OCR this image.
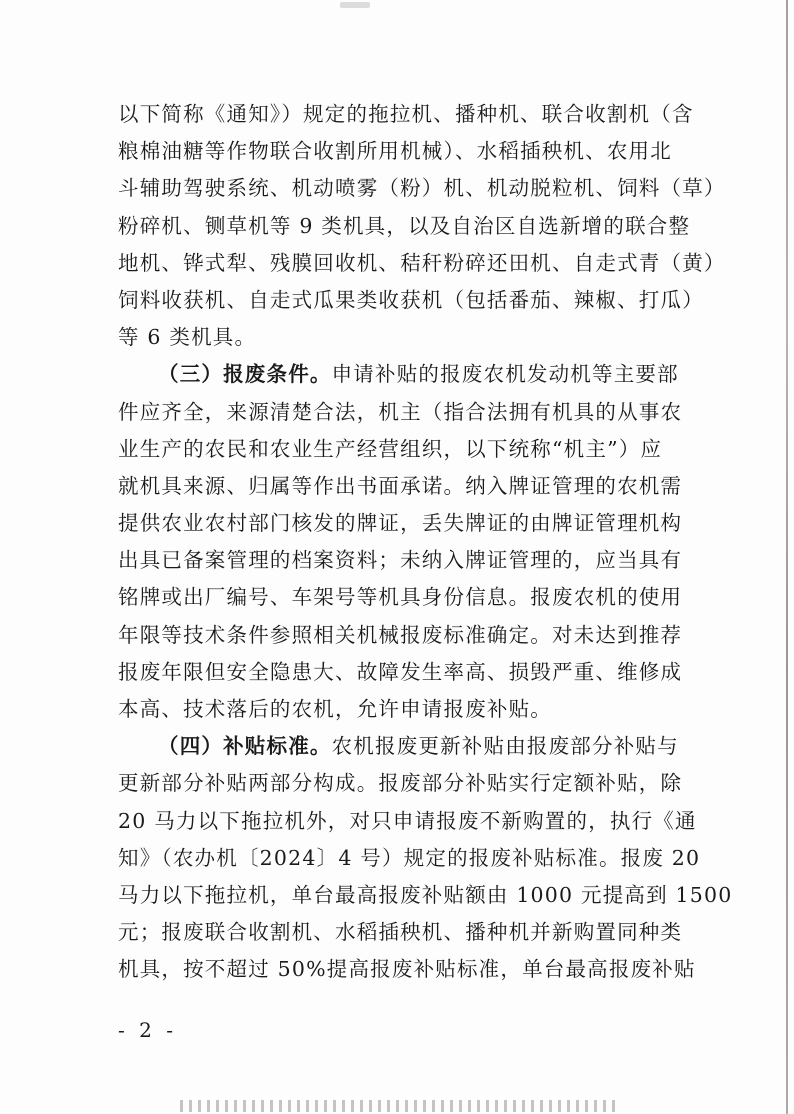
以下简称《通知》）规定的拖拉机、播种机、联合收割机（含
粮棉油糖等作物联合收割所用机械）、水稻插秧机、农用北
斗辅助驾驶系统、机动喷雾（粉）机、机动脱粒机、饲料（草）
粉碎机、铡草机等 9 类机具，以及自治区自选新增的联合整
地机、铧式犁、残膜回收机、秸秆粉碎还田机、自走式青（黄）
饲料收获机、自走式瓜果类收获机（包括番茄、辣椒、打瓜）
等 6 类机具。
（三）报废条件。申请补贴的报废农机发动机等主要部
件应齐全，来源清楚合法，机主（指合法拥有机具的从事农
业生产的农民和农业生产经营组织，以下统称“机主”）应
就机具来源、归属等作出书面承诺。纳入牌证管理的农机需
提供农业农村部门核发的牌证，丢失牌证的由牌证管理机构
出具已备案管理的档案资料；未纳入牌证管理的，应当具有
铭牌或出厂编号、车架号等机具身份信息。报废农机的使用
年限等技术条件参照相关机械报废标准确定。对未达到推荐
报废年限但安全隐患大、故障发生率高、损毁严重、维修成
本高、技术落后的农机，允许申请报废补贴。
（四）补贴标准。农机报废更新补贴由报废部分补贴与
更新部分补贴两部分构成。报废部分补贴实行定额补贴，除
20 马力以下拖拉机外，对只申请报废不新购置的，执行《通
知》（农办机〔2024〕4 号）规定的报废补贴标准。报废 20
马力以下拖拉机，单台最高报废补贴额由 1000 元提高到 1500
元；报废联合收割机、水稻插秧机、播种机并新购置同种类
机具，按不超过 50%提高报废补贴标准，单台最高报废补贴
- 2 -
